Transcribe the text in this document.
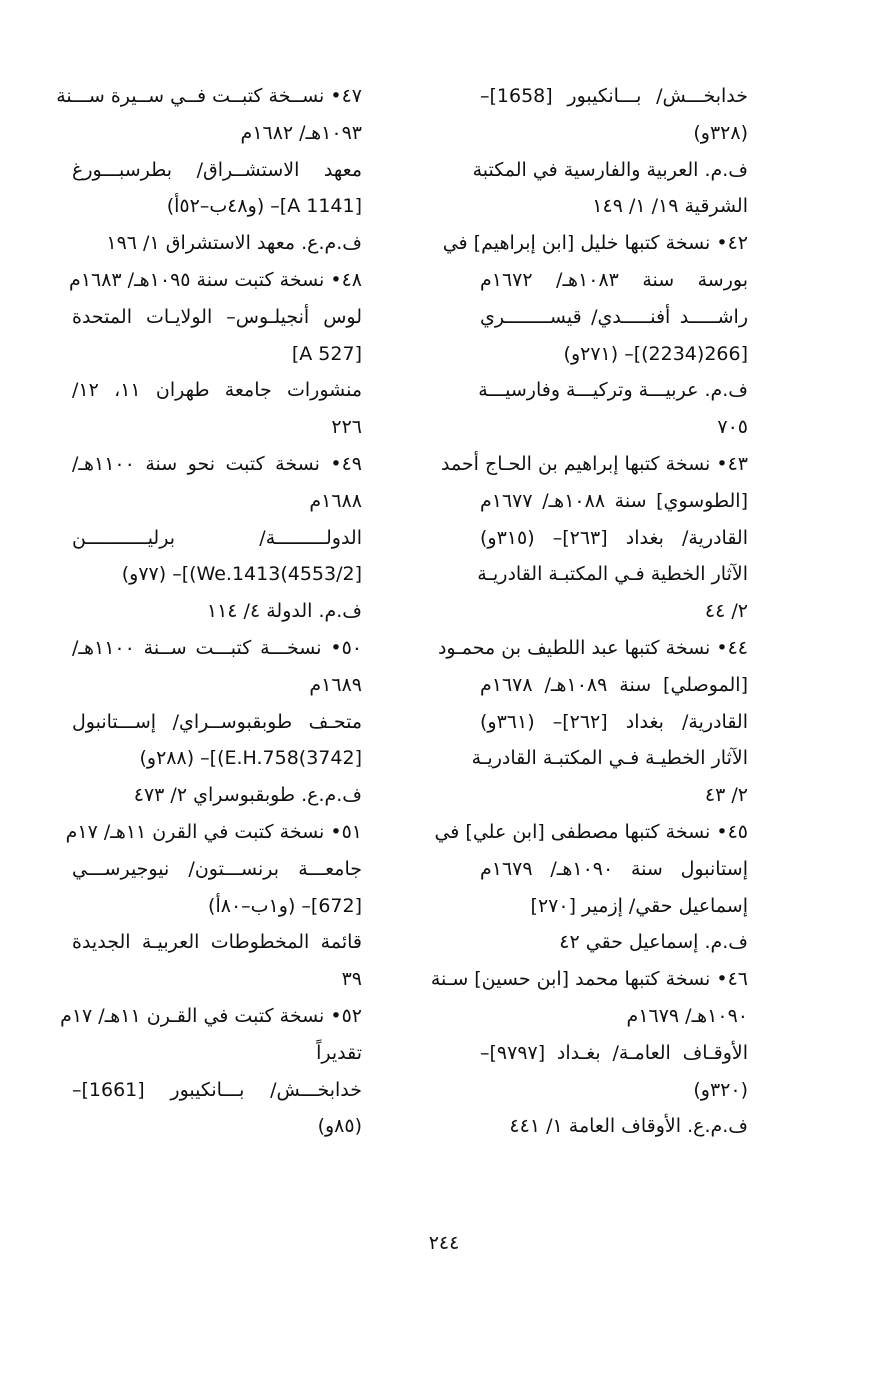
خدابخـــش/ بـــانكيبور [1658]–
(٣٢٨و)
ف.م. العربية والفارسية في المكتبة
الشرقية ١٩/ ١/ ١٤٩
٤٢• نسخة كتبها خليل [ابن إبراهيم] في
بورسة سنة ١٠٨٣هـ/ ١٦٧٢م
راشـــــد أفنـــــدي/ قيســــــــري
[266(2234)]– (٢٧١و)
ف.م. عربيـــة وتركيـــة وفارسيـــة
٧٠٥
٤٣• نسخة كتبها إبراهيم بن الحـاج أحمد
[الطوسوي] سنة ١٠٨٨هـ/ ١٦٧٧م
القادرية/ بغداد [٢٦٣]– (٣١٥و)
الآثار الخطية فـي المكتبـة القادريـة
٢/ ٤٤
٤٤• نسخة كتبها عبد اللطيف بن محمـود
[الموصلي] سنة ١٠٨٩هـ/ ١٦٧٨م
القادرية/ بغداد [٢٦٢]– (٣٦١و)
الآثار الخطيـة فـي المكتبـة القادريـة
٢/ ٤٣
٤٥• نسخة كتبها مصطفى [ابن علي] في
إستانبول سنة ١٠٩٠هـ/ ١٦٧٩م
إسماعيل حقي/ إزمير [٢٧٠]
ف.م. إسماعيل حقي ٤٢
٤٦• نسخة كتبها محمد [ابن حسين] سـنة
١٠٩٠هـ/ ١٦٧٩م
الأوقـاف العامـة/ بغـداد [٩٧٩٧]–
(٣٢٠و)
ف.م.ع. الأوقاف العامة ١/ ٤٤١
٤٧• نســخة كتبــت فــي ســيرة ســـنة
١٠٩٣هـ/ ١٦٨٢م
معهد الاستشــراق/ بطرسبـــورغ
[A 1141]– (و٤٨ب–٥٢أ)
ف.م.ع. معهد الاستشراق ١/ ١٩٦
٤٨• نسخة كتبت سنة ١٠٩٥هـ/ ١٦٨٣م
لوس أنجيلـوس– الولايـات المتحدة
[A 527]
منشورات جامعة طهران ١١، ١٢/
٢٢٦
٤٩• نسخة كتبت نحو سنة ١١٠٠هـ/
١٦٨٨م
الدولـــــــــة/ برليـــــــــــن
[4553/2)We.1413)]– (٧٧و)
ف.م. الدولة ٤/ ١١٤
٥٠• نسخـــة كتبـــت ســنة ١١٠٠هـ/
١٦٨٩م
متحـف طوبقبوســراي/ إســـتانبول
[3742)E.H.758)]– (٢٨٨و)
ف.م.ع. طوبقبوسراي ٢/ ٤٧٣
٥١• نسخة كتبت في القرن ١١هـ/ ١٧م
جامعـــة برنســـتون/ نيوجيرســـي
[672]– (و١ب–٨٠أ)
قائمة المخطوطات العربيـة الجديدة
٣٩
٥٢• نسخة كتبت في القـرن ١١هـ/ ١٧م
تقديراً
خدابخـــش/ بـــانكيبور [1661]–
(٨٥و)
٢٤٤
